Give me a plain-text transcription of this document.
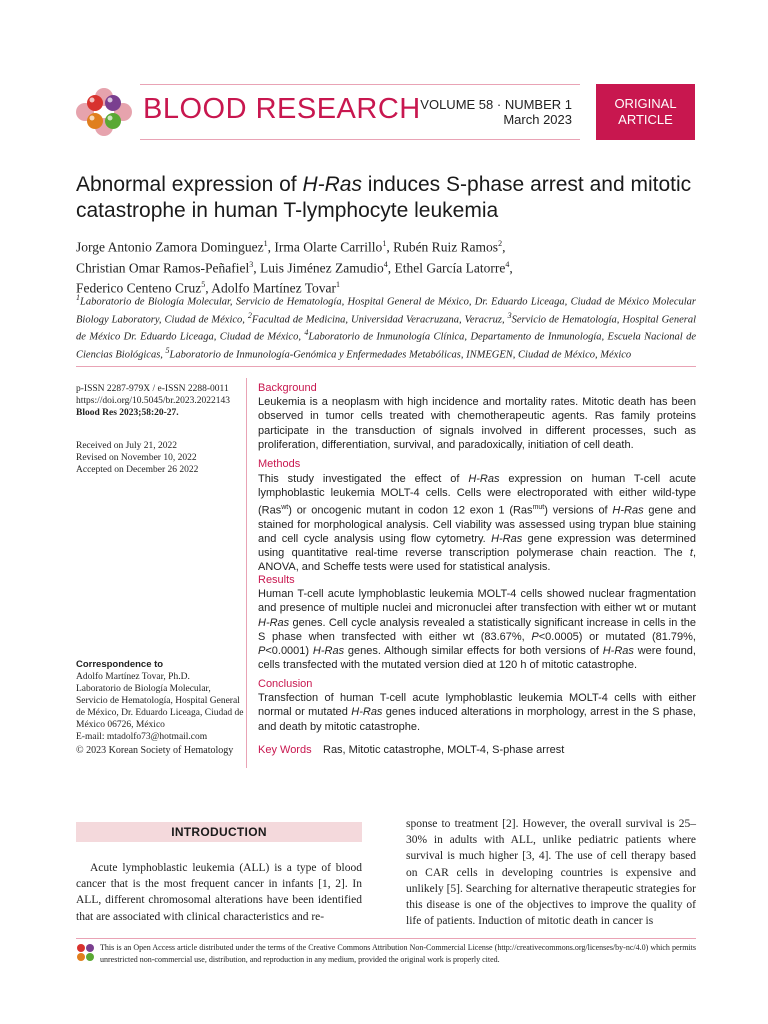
BLOOD RESEARCH VOLUME 58 · NUMBER 1
March 2023
ORIGINAL
ARTICLE
Abnormal expression of H-Ras induces S-phase arrest and mitotic catastrophe in human T-lymphocyte leukemia
Jorge Antonio Zamora Dominguez$^1$, Irma Olarte Carrillo$^1$, Rubén Ruiz Ramos$^2$,
Christian Omar Ramos-Peñafiel$^3$, Luis Jiménez Zamudio$^4$, Ethel García Latorre$^4$,
Federico Centeno Cruz$^5$, Adolfo Martínez Tovar$^1$
$^1$Laboratorio de Biología Molecular, Servicio de Hematología, Hospital General de México, Dr. Eduardo Liceaga, Ciudad de México Molecular Biology Laboratory, Ciudad de México, $^2$Facultad de Medicina, Universidad Veracruzana, Veracruz, $^3$Servicio de Hematología, Hospital General de México Dr. Eduardo Liceaga, Ciudad de México, $^4$Laboratorio de Inmunología Clínica, Departamento de Inmunología, Escuela Nacional de Ciencias Biológicas, $^5$Laboratorio de Inmunología-Genómica y Enfermedades Metabólicas, INMEGEN, Ciudad de México, México
p-ISSN 2287-979X / e-ISSN 2288-0011
https://doi.org/10.5045/br.2023.2022143
Blood Res 2023;58:20-27.
Received on July 21, 2022
Revised on November 10, 2022
Accepted on December 26 2022
Correspondence to
Adolfo Martínez Tovar, Ph.D.
Laboratorio de Biología Molecular,
Servicio de Hematología, Hospital General
de México, Dr. Eduardo Liceaga, Ciudad de
México 06726, México
E-mail: mtadolfo73@hotmail.com
© 2023 Korean Society of Hematology
Background
Leukemia is a neoplasm with high incidence and mortality rates. Mitotic death has been observed in tumor cells treated with chemotherapeutic agents. Ras family proteins participate in the transduction of signals involved in different processes, such as proliferation, differentiation, survival, and paradoxically, initiation of cell death.
Methods
This study investigated the effect of H-Ras expression on human T-cell acute lymphoblastic leukemia MOLT-4 cells. Cells were electroporated with either wild-type (Ras$^{wt}$) or oncogenic mutant in codon 12 exon 1 (Ras$^{mut}$) versions of H-Ras gene and stained for morphological analysis. Cell viability was assessed using trypan blue staining and cell cycle analysis using flow cytometry. H-Ras gene expression was determined using quantitative real-time reverse transcription polymerase chain reaction. The t, ANOVA, and Scheffe tests were used for statistical analysis.
Results
Human T-cell acute lymphoblastic leukemia MOLT-4 cells showed nuclear fragmentation and presence of multiple nuclei and micronuclei after transfection with either wt or mutant H-Ras genes. Cell cycle analysis revealed a statistically significant increase in cells in the S phase when transfected with either wt (83.67%, P<0.0005) or mutated (81.79%, P<0.0001) H-Ras genes. Although similar effects for both versions of H-Ras were found, cells transfected with the mutated version died at 120 h of mitotic catastrophe.
Conclusion
Transfection of human T-cell acute lymphoblastic leukemia MOLT-4 cells with either normal or mutated H-Ras genes induced alterations in morphology, arrest in the S phase, and death by mitotic catastrophe.
Key Words Ras, Mitotic catastrophe, MOLT-4, S-phase arrest
INTRODUCTION
Acute lymphoblastic leukemia (ALL) is a type of blood cancer that is the most frequent cancer in infants [1, 2]. In ALL, different chromosomal alterations have been identified that are associated with clinical characteristics and re-
sponse to treatment [2]. However, the overall survival is 25–30% in adults with ALL, unlike pediatric patients where survival is much higher [3, 4]. The use of cell therapy based on CAR cells in developing countries is expensive and unlikely [5]. Searching for alternative therapeutic strategies for this disease is one of the objectives to improve the quality of life of patients. Induction of mitotic death in cancer is
This is an Open Access article distributed under the terms of the Creative Commons Attribution Non-Commercial License (http://creativecommons.org/licenses/by-nc/4.0) which permits unrestricted non-commercial use, distribution, and reproduction in any medium, provided the original work is properly cited.
